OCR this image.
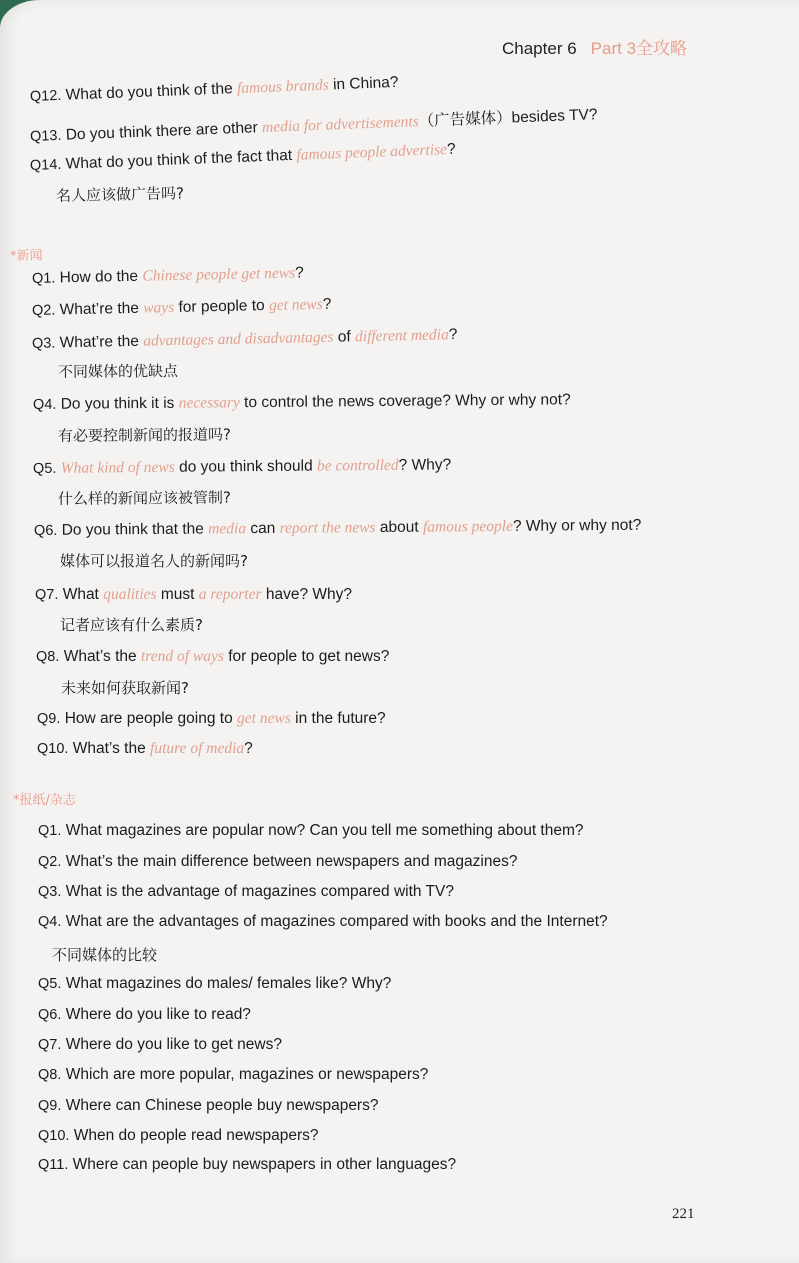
Chapter 6 Part 3全攻略
Q12. What do you think of the famous brands in China?
Q13. Do you think there are other media for advertisements（广告媒体）besides TV?
Q14. What do you think of the fact that famous people advertise?
名人应该做广告吗?
*新闻
Q1. How do the Chinese people get news?
Q2. What’re the ways for people to get news?
Q3. What’re the advantages and disadvantages of different media?
不同媒体的优缺点
Q4. Do you think it is necessary to control the news coverage? Why or why not?
有必要控制新闻的报道吗?
Q5. What kind of news do you think should be controlled? Why?
什么样的新闻应该被管制?
Q6. Do you think that the media can report the news about famous people? Why or why not?
媒体可以报道名人的新闻吗?
Q7. What qualities must a reporter have? Why?
记者应该有什么素质?
Q8. What’s the trend of ways for people to get news?
未来如何获取新闻?
Q9. How are people going to get news in the future?
Q10. What’s the future of media?
*报纸/杂志
Q1. What magazines are popular now? Can you tell me something about them?
Q2. What’s the main difference between newspapers and magazines?
Q3. What is the advantage of magazines compared with TV?
Q4. What are the advantages of magazines compared with books and the Internet?
不同媒体的比较
Q5. What magazines do males/ females like? Why?
Q6. Where do you like to read?
Q7. Where do you like to get news?
Q8. Which are more popular, magazines or newspapers?
Q9. Where can Chinese people buy newspapers?
Q10. When do people read newspapers?
Q11. Where can people buy newspapers in other languages?
221
